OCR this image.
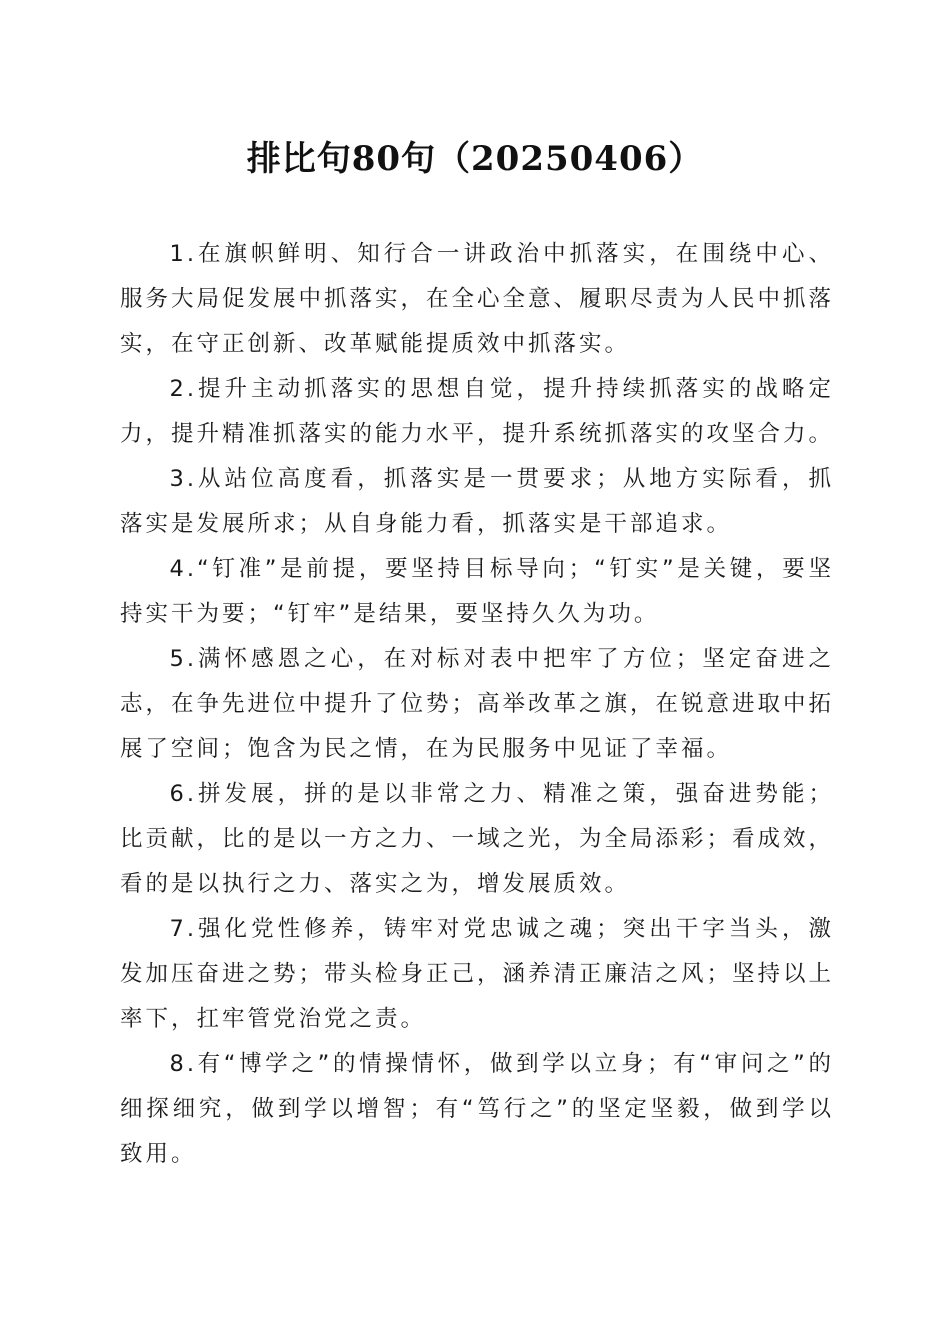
排比句80句（20250406）

1.在旗帜鲜明、知行合一讲政治中抓落实，在围绕中心、服务大局促发展中抓落实，在全心全意、履职尽责为人民中抓落实，在守正创新、改革赋能提质效中抓落实。

2.提升主动抓落实的思想自觉，提升持续抓落实的战略定力，提升精准抓落实的能力水平，提升系统抓落实的攻坚合力。

3.从站位高度看，抓落实是一贯要求；从地方实际看，抓落实是发展所求；从自身能力看，抓落实是干部追求。

4.“钉准”是前提，要坚持目标导向；“钉实”是关键，要坚持实干为要；“钉牢”是结果，要坚持久久为功。

5.满怀感恩之心，在对标对表中把牢了方位；坚定奋进之志，在争先进位中提升了位势；高举改革之旗，在锐意进取中拓展了空间；饱含为民之情，在为民服务中见证了幸福。

6.拼发展，拼的是以非常之力、精准之策，强奋进势能；比贡献，比的是以一方之力、一域之光，为全局添彩；看成效，看的是以执行之力、落实之为，增发展质效。

7.强化党性修养，铸牢对党忠诚之魂；突出干字当头，激发加压奋进之势；带头检身正己，涵养清正廉洁之风；坚持以上率下，扛牢管党治党之责。

8.有“博学之”的情操情怀，做到学以立身；有“审问之”的细探细究，做到学以增智；有“笃行之”的坚定坚毅，做到学以致用。
